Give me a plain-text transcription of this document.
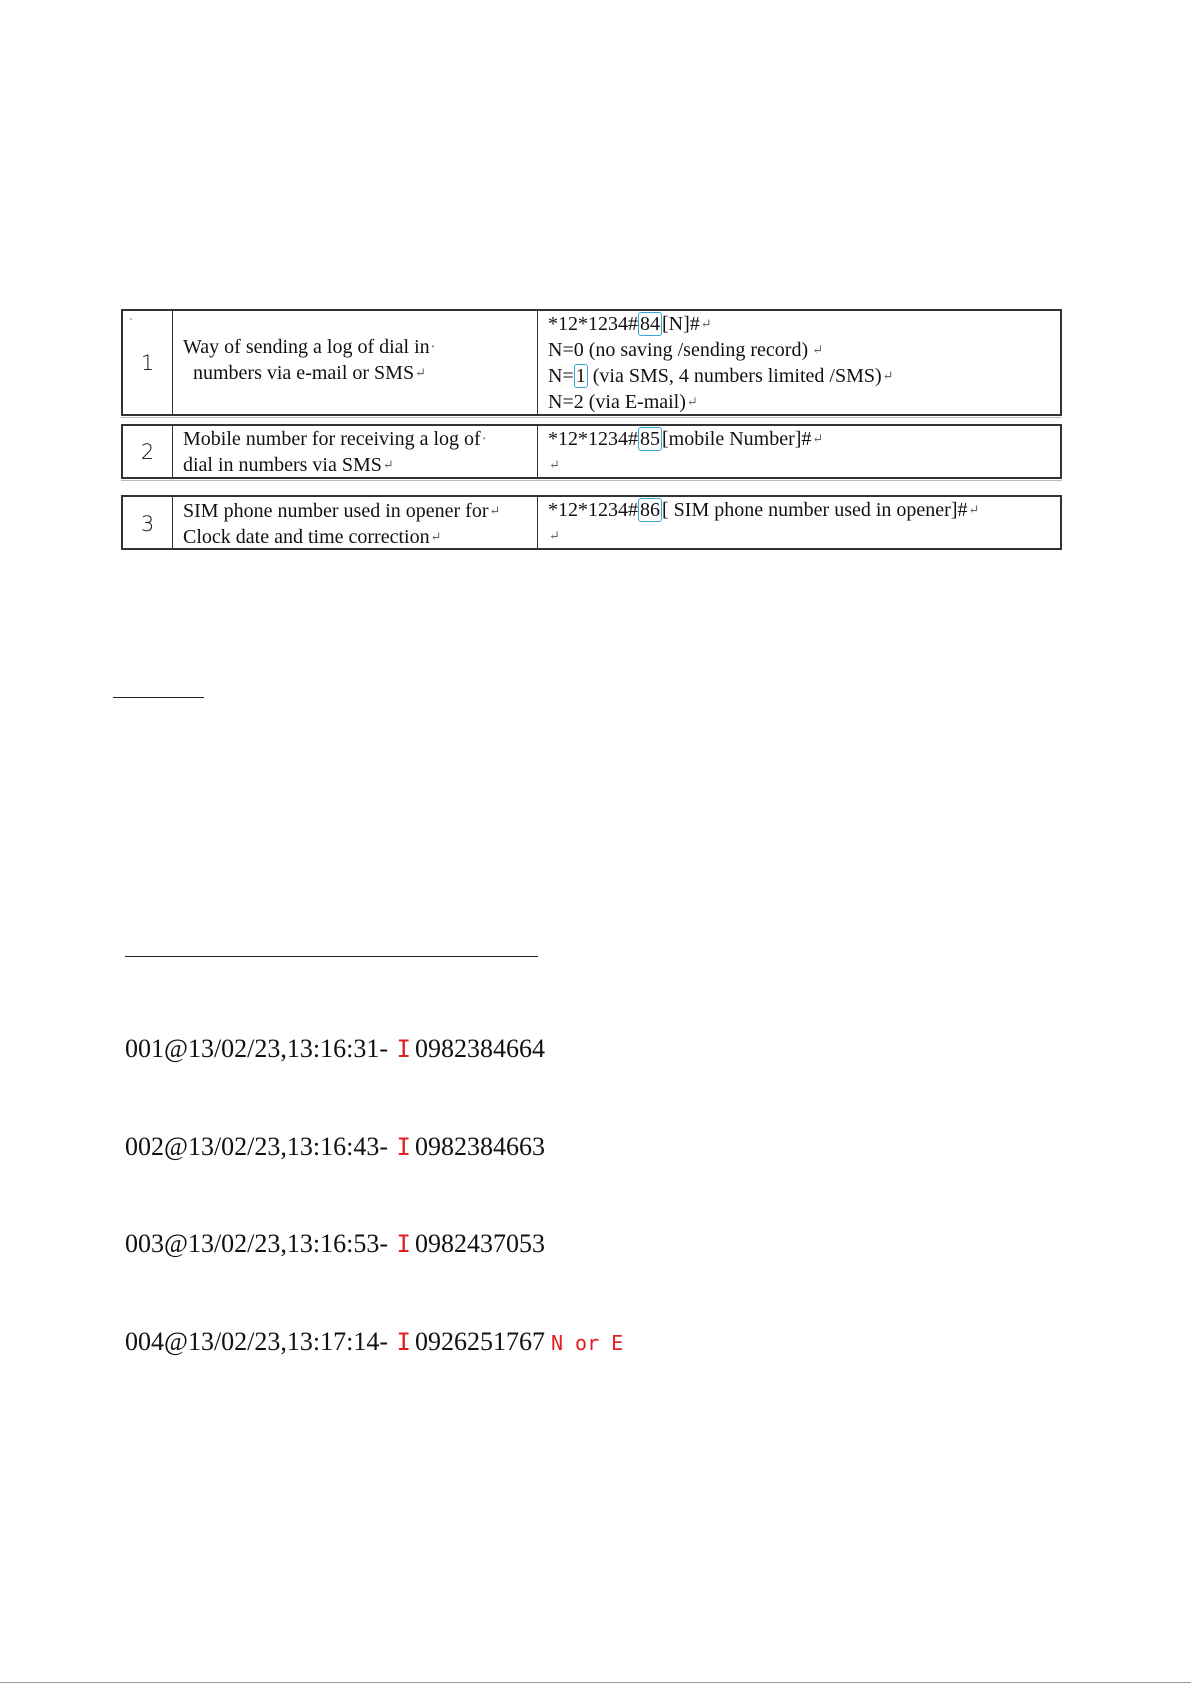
1
Way of sending a log of dial in·
numbers via e-mail or SMS↵
*12*1234# 84 [N]#↵
N=0 (no saving /sending record) ↵
N= 1 (via SMS, 4 numbers limited /SMS)↵
N=2 (via E-mail)↵
2
Mobile number for receiving a log of·
dial in numbers via SMS↵
*12*1234# 85 [mobile Number]#↵
↵
3
SIM phone number used in opener for↵
Clock date and time correction↵
*12*1234# 86 [ SIM phone number used in opener]#↵
↵

001@13/02/23,13:16:31- I 0982384664

002@13/02/23,13:16:43- I 0982384663

003@13/02/23,13:16:53- I 0982437053

004@13/02/23,13:17:14- I 0926251767 N or E
